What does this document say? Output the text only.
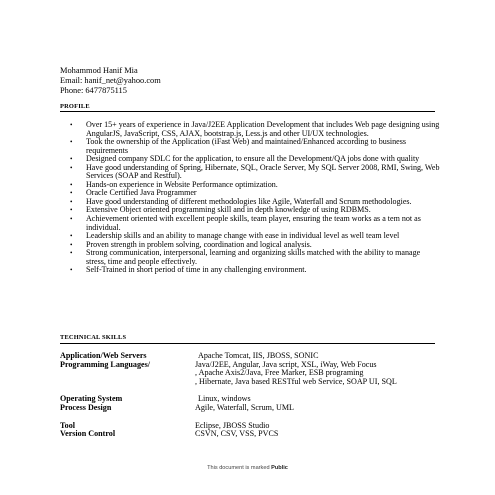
Mohammod Hanif Mia
Email: hanif_net@yahoo.com
Phone: 6477875115
PROFILE
• Over 15+ years of experience in Java/J2EE Application Development that includes Web page designing using AngularJS, JavaScript, CSS, AJAX, bootstrap.js, Less.js and other UI/UX technologies.
• Took the ownership of the Application (iFast Web) and maintained/Enhanced according to business requirements
• Designed company SDLC for the application, to ensure all the Development/QA jobs done with quality
• Have good understanding of Spring, Hibernate, SQL, Oracle Server, My SQL Server 2008, RMI, Swing, Web Services (SOAP and Restful).
• Hands-on experience in Website Performance optimization.
• Oracle Certified Java Programmer
• Have good understanding of different methodologies like Agile, Waterfall and Scrum methodologies.
• Extensive Object oriented programming skill and in depth knowledge of using RDBMS.
• Achievement oriented with excellent people skills, team player, ensuring the team works as a tem not as individual.
• Leadership skills and an ability to manage change with ease in individual level as well team level
• Proven strength in problem solving, coordination and logical analysis.
• Strong communication, interpersonal, learning and organizing skills matched with the ability to manage stress, time and people effectively.
• Self-Trained in short period of time in any challenging environment.
TECHNICAL SKILLS
Application/Web Servers	Apache Tomcat, IIS, JBOSS, SONIC
Programming Languages/	Java/J2EE, Angular, Java script, XSL, iWay, Web Focus
, Apache Axis2/Java, Free Marker, ESB programing
, Hibernate, Java based RESTful web Service, SOAP UI, SQL
Operating System	Linux, windows
Process Design	Agile, Waterfall, Scrum, UML
Tool	Eclipse, JBOSS Studio
Version Control	CSVN, CSV, VSS, PVCS
This document is marked Public
